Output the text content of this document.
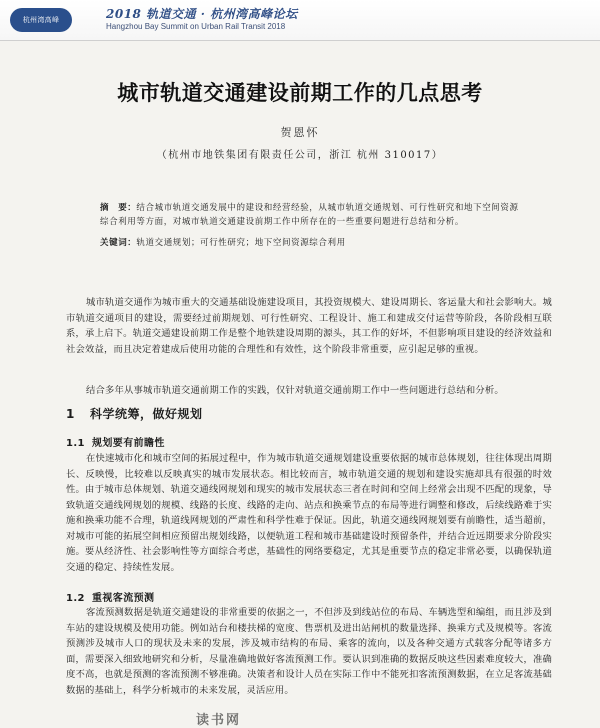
杭州湾高峰	2018 轨道交通 · 杭州湾高峰论坛
Hangzhou Bay Summit on Urban Rail Transit 2018
城市轨道交通建设前期工作的几点思考
贺恩怀
（杭州市地铁集团有限责任公司，浙江 杭州 310017）
摘　要：结合城市轨道交通发展中的建设和经营经验，从城市轨道交通规划、可行性研究和地下空间资源综合利用等方面，对城市轨道交通建设前期工作中所存在的一些重要问题进行总结和分析。
关键词：轨道交通规划；可行性研究；地下空间资源综合利用

城市轨道交通作为城市重大的交通基础设施建设项目，其投资规模大、建设周期长、客运量大和社会影响大。城市轨道交通项目的建设，需要经过前期规划、可行性研究、工程设计、施工和建成交付运营等阶段，各阶段相互联系，承上启下。轨道交通建设前期工作是整个地铁建设周期的源头，其工作的好坏，不但影响项目建设的经济效益和社会效益，而且决定着建成后使用功能的合理性和有效性，这个阶段非常重要，应引起足够的重视。

结合多年从事城市轨道交通前期工作的实践，仅针对轨道交通前期工作中一些问题进行总结和分析。

1 科学统筹，做好规划
1.1 规划要有前瞻性

在快速城市化和城市空间的拓展过程中，作为城市轨道交通规划建设重要依据的城市总体规划，往往体现出周期长、反映慢，比较难以反映真实的城市发展状态。相比较而言，城市轨道交通的规划和建设实施却具有很强的时效性。由于城市总体规划、轨道交通线网规划和现实的城市发展状态三者在时间和空间上经常会出现不匹配的现象，导致轨道交通线网规划的规模、线路的长度、线路的走向、站点和换乘节点的布局等进行调整和修改，后续线路难于实施和换乘功能不合理，轨道线网规划的严肃性和科学性难于保证。因此，轨道交通线网规划要有前瞻性，适当超前，对城市可能的拓展空间相应预留出规划线路，以便轨道工程和城市基础建设时预留条件，并结合近远期要求分阶段实施。要从经济性、社会影响性等方面综合考虑，基础性的网络要稳定，尤其是重要节点的稳定非常必要，以确保轨道交通的稳定、持续性发展。

1.2 重视客流预测

客流预测数据是轨道交通建设的非常重要的依据之一，不但涉及到线站位的布局、车辆选型和编组，而且涉及到车站的建设规模及使用功能。例如站台和楼扶梯的宽度、售票机及进出站闸机的数量选择、换乘方式及规模等。客流预测涉及城市人口的现状及未来的发展，涉及城市结构的布局、乘客的流向，以及各种交通方式载客分配等诸多方面，需要深入细致地研究和分析，尽量准确地做好客流预测工作。要认识到准确的数据反映这些因素难度较大，准确度不高，也就是预测的客流预测不够准确。决策者和设计人员在实际工作中不能死扣客流预测数据，在立足客流基础数据的基础上，科学分析城市的未来发展，灵活应用。

读书网
